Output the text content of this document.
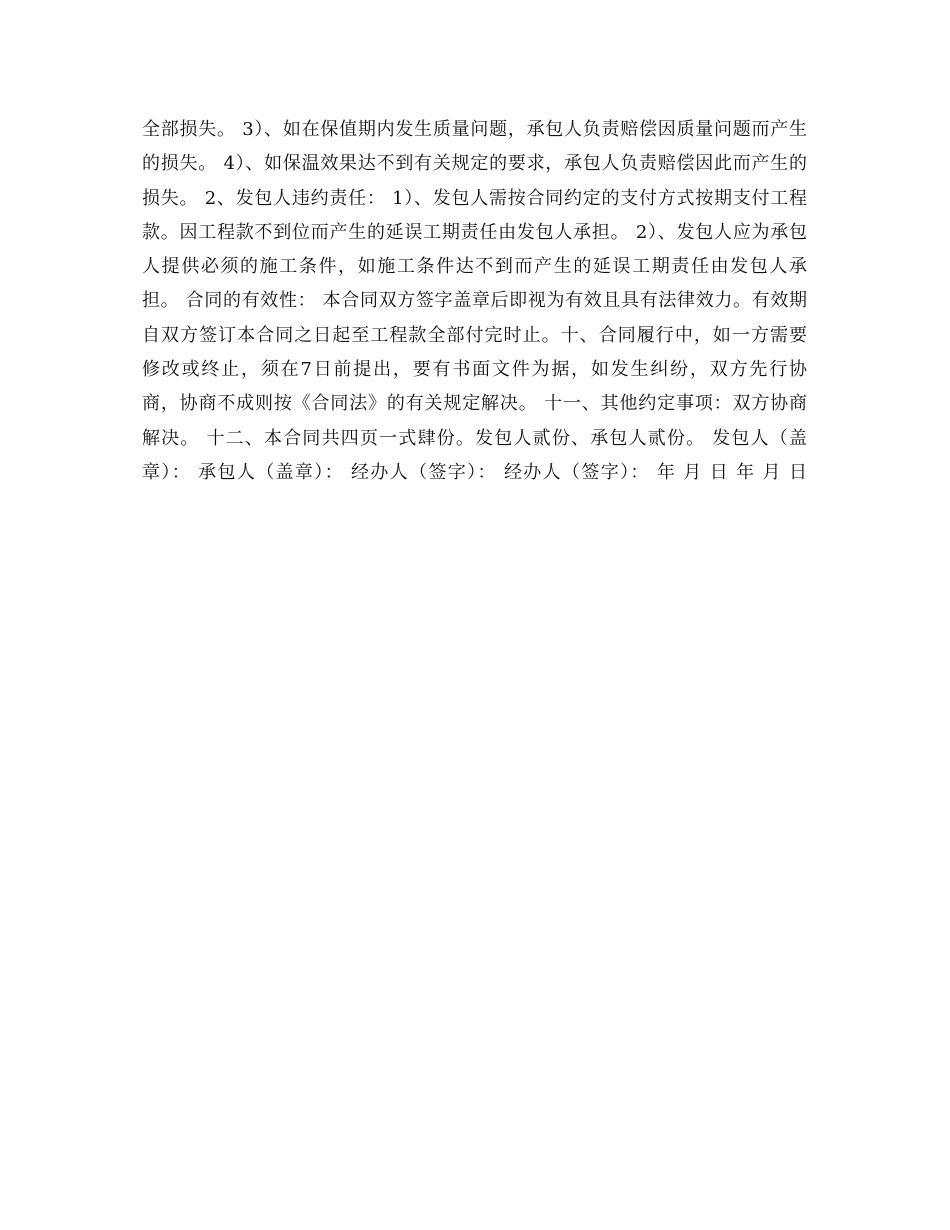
全部损失。 3）、如在保值期内发生质量问题，承包人负责赔偿因质量问题而产生
的损失。 4）、如保温效果达不到有关规定的要求，承包人负责赔偿因此而产生的
损失。 2、发包人违约责任： 1）、发包人需按合同约定的支付方式按期支付工程
款。因工程款不到位而产生的延误工期责任由发包人承担。 2）、发包人应为承包
人提供必须的施工条件，如施工条件达不到而产生的延误工期责任由发包人承
担。 合同的有效性： 本合同双方签字盖章后即视为有效且具有法律效力。有效期
自双方签订本合同之日起至工程款全部付完时止。十、合同履行中，如一方需要
修改或终止，须在7日前提出，要有书面文件为据，如发生纠纷，双方先行协
商，协商不成则按《合同法》的有关规定解决。 十一、其他约定事项：双方协商
解决。 十二、本合同共四页一式肆份。发包人贰份、承包人贰份。 发包人（盖
章）： 承包人（盖章）： 经办人（签字）： 经办人（签字）： 年 月 日 年 月 日
